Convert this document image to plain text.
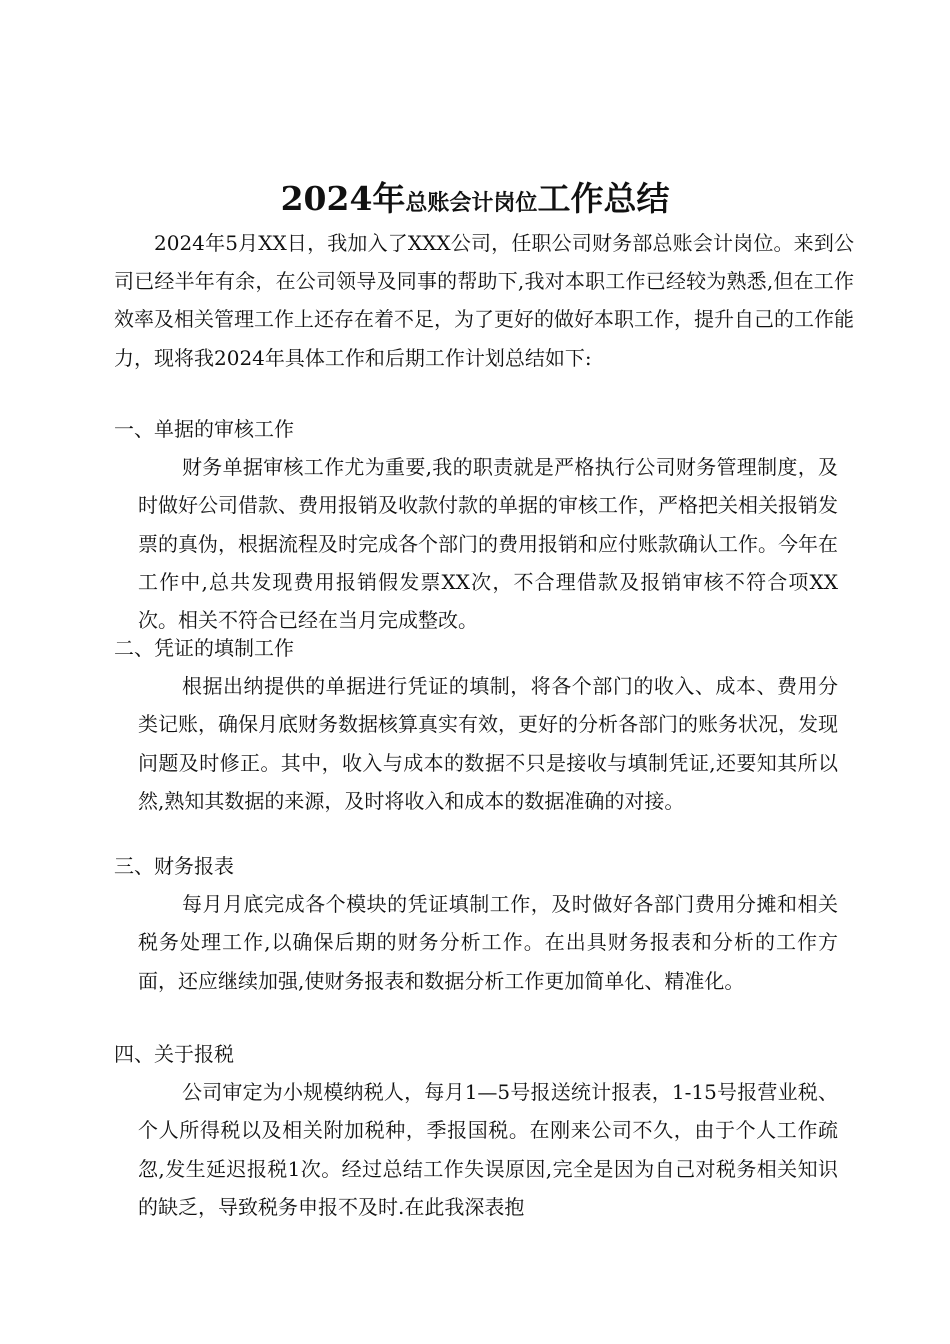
2024年总账会计岗位工作总结

2024年5月XX日，我加入了XXX公司，任职公司财务部总账会计岗位。来到公司已经半年有余，在公司领导及同事的帮助下,我对本职工作已经较为熟悉,但在工作效率及相关管理工作上还存在着不足，为了更好的做好本职工作，提升自己的工作能力，现将我2024年具体工作和后期工作计划总结如下:

一、单据的审核工作

财务单据审核工作尤为重要,我的职责就是严格执行公司财务管理制度，及时做好公司借款、费用报销及收款付款的单据的审核工作，严格把关相关报销发票的真伪，根据流程及时完成各个部门的费用报销和应付账款确认工作。今年在工作中,总共发现费用报销假发票XX次，不合理借款及报销审核不符合项XX次。相关不符合已经在当月完成整改。

二、凭证的填制工作

根据出纳提供的单据进行凭证的填制，将各个部门的收入、成本、费用分类记账，确保月底财务数据核算真实有效，更好的分析各部门的账务状况，发现问题及时修正。其中，收入与成本的数据不只是接收与填制凭证,还要知其所以然,熟知其数据的来源，及时将收入和成本的数据准确的对接。

三、财务报表

每月月底完成各个模块的凭证填制工作，及时做好各部门费用分摊和相关税务处理工作,以确保后期的财务分析工作。在出具财务报表和分析的工作方面，还应继续加强,使财务报表和数据分析工作更加简单化、精准化。

四、关于报税

公司审定为小规模纳税人，每月1—5号报送统计报表，1-15号报营业税、个人所得税以及相关附加税种，季报国税。在刚来公司不久，由于个人工作疏忽,发生延迟报税1次。经过总结工作失误原因,完全是因为自己对税务相关知识的缺乏，导致税务申报不及时.在此我深表抱
